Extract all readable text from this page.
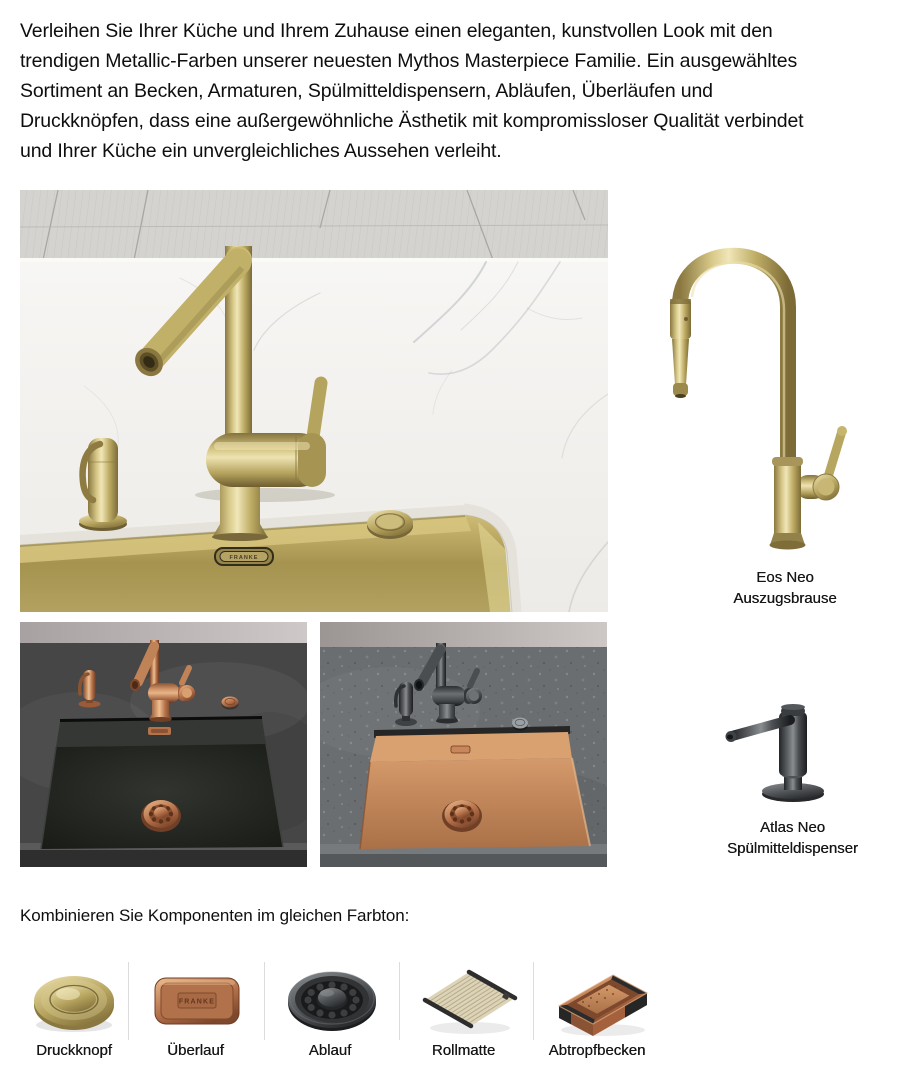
Verleihen Sie Ihrer Küche und Ihrem Zuhause einen eleganten, kunstvollen Look mit den
trendigen Metallic-Farben unserer neuesten Mythos Masterpiece Familie. Ein ausgewähltes
Sortiment an Becken, Armaturen, Spülmitteldispensern, Abläufen, Überläufen und
Druckknöpfen, dass eine außergewöhnliche Ästhetik mit kompromissloser Qualität verbindet
und Ihrer Küche ein unvergleichliches Aussehen verleiht.
FRANKE
Eos Neo
Auszugsbrause
Atlas Neo
Spülmitteldispenser
Kombinieren Sie Komponenten im gleichen Farbton:
FRANKE
Druckknopf	Überlauf	Ablauf	Rollmatte	Abtropfbecken
